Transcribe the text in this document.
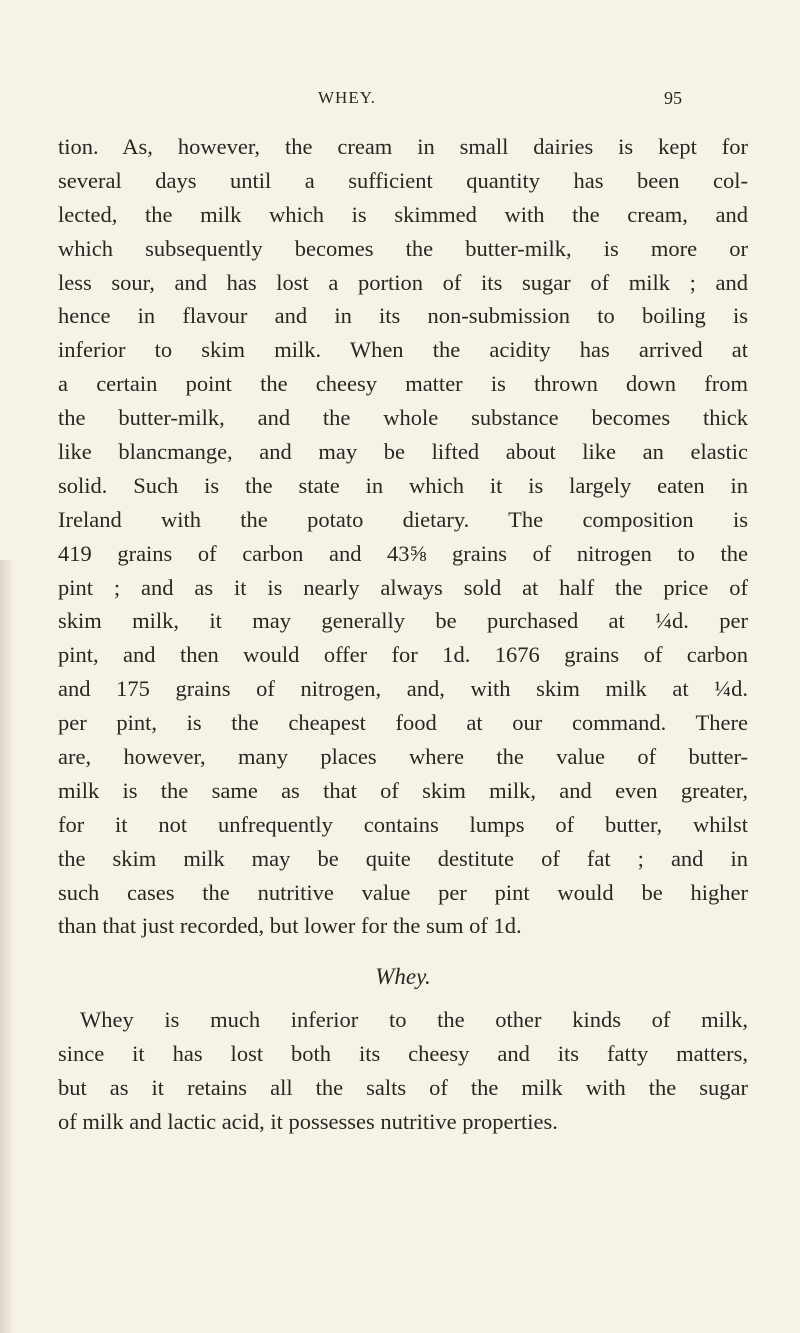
WHEY.	95
tion. As, however, the cream in small dairies is kept for
several days until a sufficient quantity has been col-
lected, the milk which is skimmed with the cream, and
which subsequently becomes the butter-milk, is more or
less sour, and has lost a portion of its sugar of milk ; and
hence in flavour and in its non-submission to boiling is
inferior to skim milk. When the acidity has arrived at
a certain point the cheesy matter is thrown down from
the butter-milk, and the whole substance becomes thick
like blancmange, and may be lifted about like an elastic
solid. Such is the state in which it is largely eaten in
Ireland with the potato dietary. The composition is
419 grains of carbon and 43⅝ grains of nitrogen to the
pint ; and as it is nearly always sold at half the price of
skim milk, it may generally be purchased at ¼d. per
pint, and then would offer for 1d. 1676 grains of carbon
and 175 grains of nitrogen, and, with skim milk at ¼d.
per pint, is the cheapest food at our command. There
are, however, many places where the value of butter-
milk is the same as that of skim milk, and even greater,
for it not unfrequently contains lumps of butter, whilst
the skim milk may be quite destitute of fat ; and in
such cases the nutritive value per pint would be higher
than that just recorded, but lower for the sum of 1d.
Whey.
Whey is much inferior to the other kinds of milk,
since it has lost both its cheesy and its fatty matters,
but as it retains all the salts of the milk with the sugar
of milk and lactic acid, it possesses nutritive properties.
